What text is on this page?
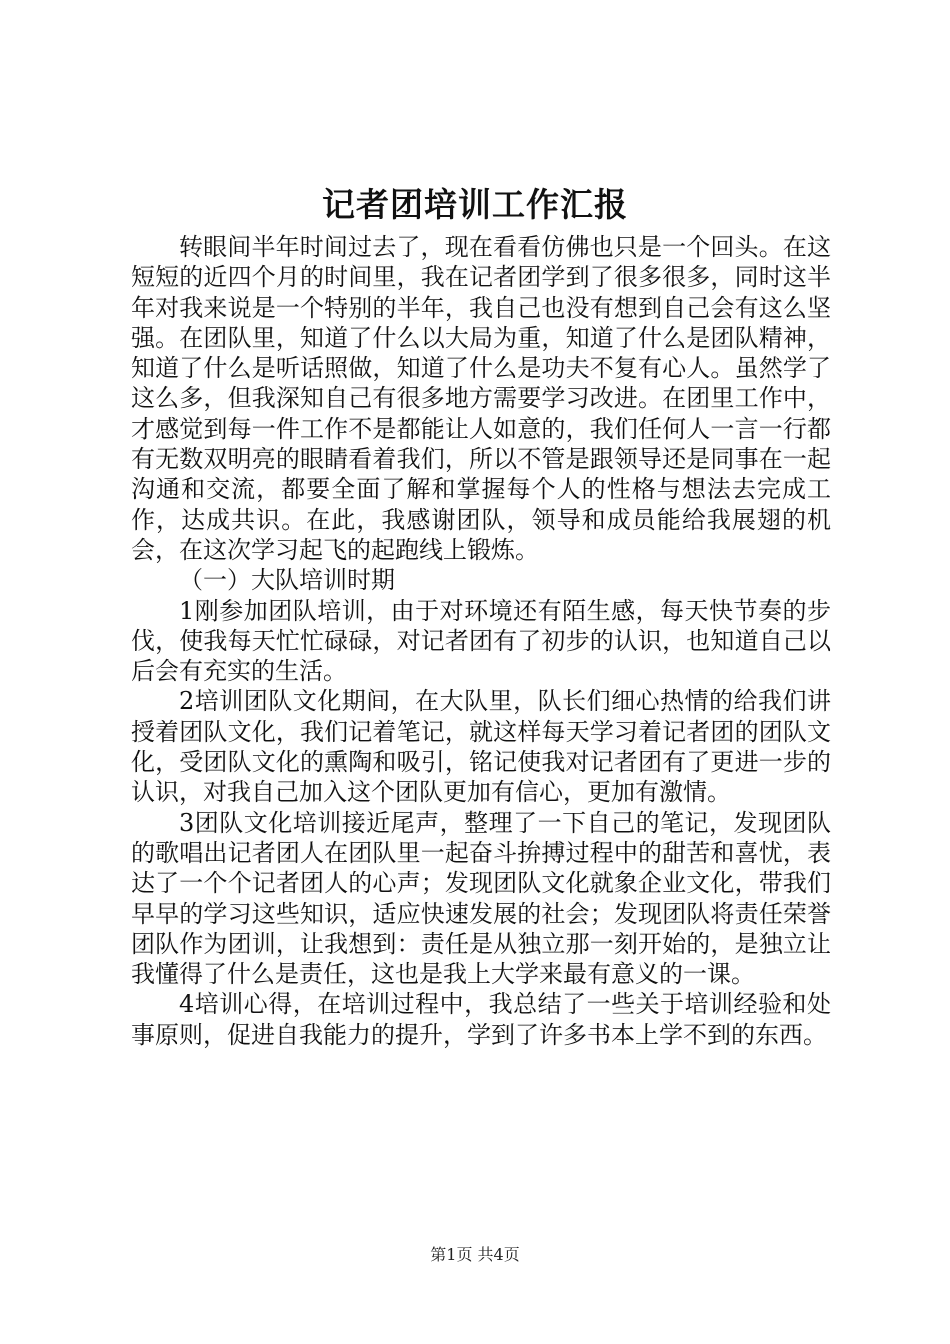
记者团培训工作汇报

转眼间半年时间过去了，现在看看仿佛也只是一个回头。在这短短的近四个月的时间里，我在记者团学到了很多很多，同时这半年对我来说是一个特别的半年，我自己也没有想到自己会有这么坚强。在团队里，知道了什么以大局为重，知道了什么是团队精神，知道了什么是听话照做，知道了什么是功夫不复有心人。虽然学了这么多，但我深知自己有很多地方需要学习改进。在团里工作中，才感觉到每一件工作不是都能让人如意的，我们任何人一言一行都有无数双明亮的眼睛看着我们，所以不管是跟领导还是同事在一起沟通和交流，都要全面了解和掌握每个人的性格与想法去完成工作，达成共识。在此，我感谢团队，领导和成员能给我展翅的机会，在这次学习起飞的起跑线上锻炼。

（一）大队培训时期

1刚参加团队培训，由于对环境还有陌生感，每天快节奏的步伐，使我每天忙忙碌碌，对记者团有了初步的认识，也知道自己以后会有充实的生活。

2培训团队文化期间，在大队里，队长们细心热情的给我们讲授着团队文化，我们记着笔记，就这样每天学习着记者团的团队文化，受团队文化的熏陶和吸引，铭记使我对记者团有了更进一步的认识，对我自己加入这个团队更加有信心，更加有激情。

3团队文化培训接近尾声，整理了一下自己的笔记，发现团队的歌唱出记者团人在团队里一起奋斗拚搏过程中的甜苦和喜忧，表达了一个个记者团人的心声；发现团队文化就象企业文化，带我们早早的学习这些知识，适应快速发展的社会；发现团队将责任荣誉团队作为团训，让我想到：责任是从独立那一刻开始的，是独立让我懂得了什么是责任，这也是我上大学来最有意义的一课。

4培训心得，在培训过程中，我总结了一些关于培训经验和处事原则，促进自我能力的提升，学到了许多书本上学不到的东西。

第1页 共4页
